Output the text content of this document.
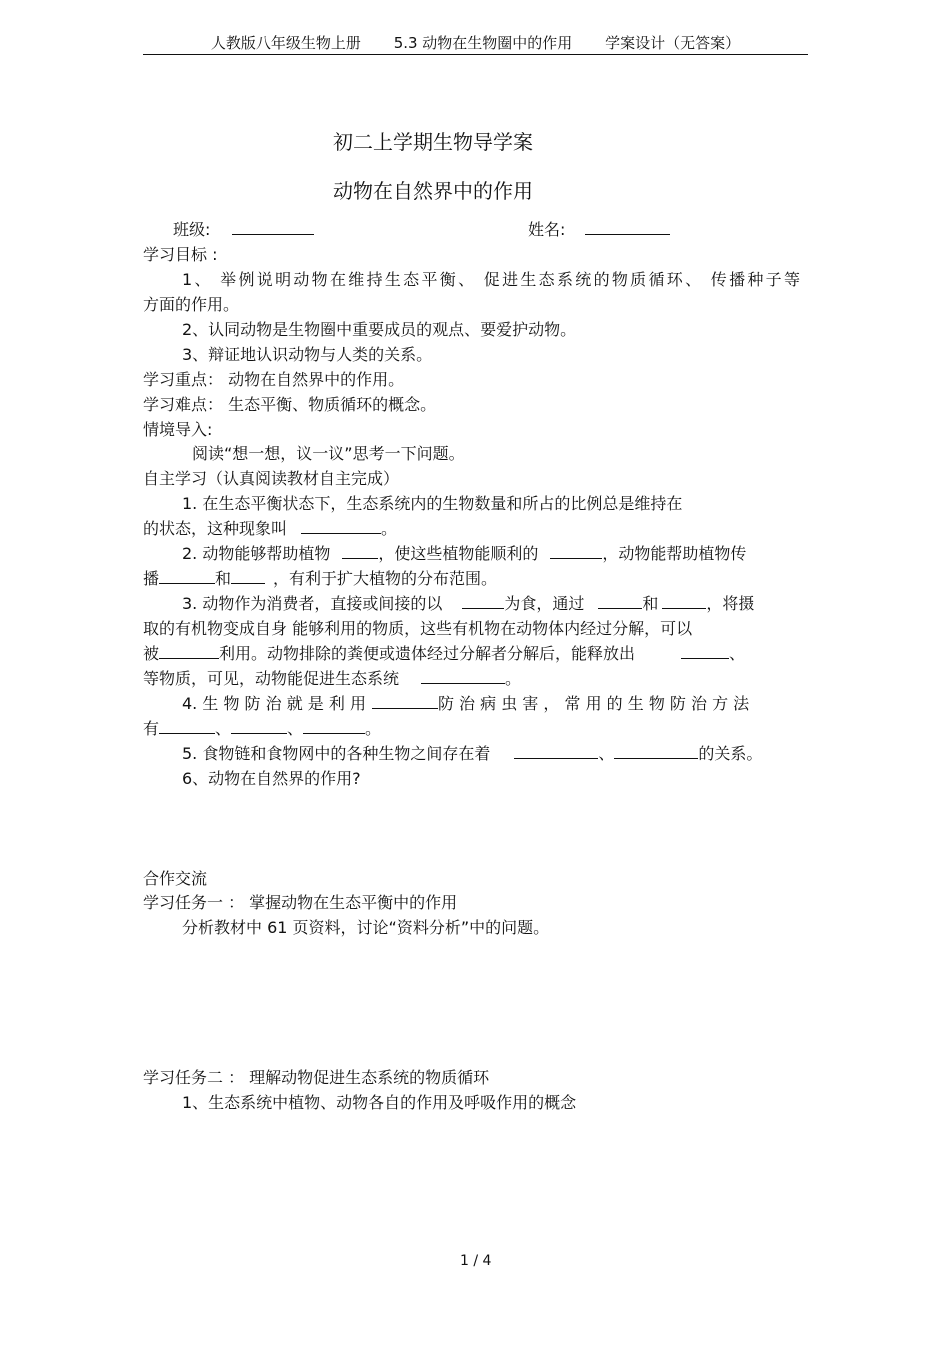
人教版八年级生物上册 5.3 动物在生物圈中的作用 学案设计（无答案）
初二上学期生物导学案
动物在自然界中的作用
班级:	姓名:
学习目标 :
1、 举例说明动物在维持生态平衡、 促进生态系统的物质循环、 传播种子等
方面的作用。
2、认同动物是生物圈中重要成员的观点、要爱护动物。
3、辩证地认识动物与人类的关系。
学习重点： 动物在自然界中的作用。
学习难点： 生态平衡、物质循环的概念。
情境导入:
阅读“想一想，议一议”思考一下问题。
自主学习（认真阅读教材自主完成）
1. 在生态平衡状态下，生态系统内的生物数量和所占的比例总是维持在
的状态，这种现象叫	。
2. 动物能够帮助植物	，使这些植物能顺利的	，动物能帮助植物传
播	和	，有利于扩大植物的分布范围。
3. 动物作为消费者，直接或间接的以	为食，通过	和	，将摄
取的有机物变成自身 能够利用的物质，这些有机物在动物体内经过分解，可以
被	利用。动物排除的粪便或遗体经过分解者分解后，能释放出	、
等物质，可见，动物能促进生态系统	。
4. 生 物 防 治 就 是 利 用	防 治 病 虫 害 ， 常 用 的 生 物 防 治 方 法
有	、	、	。
5. 食物链和食物网中的各种生物之间存在着	、	的关系。
6、动物在自然界的作用?
合作交流
学习任务一 ： 掌握动物在生态平衡中的作用
分析教材中 61 页资料，讨论“资料分析”中的问题。
学习任务二 ： 理解动物促进生态系统的物质循环
1、生态系统中植物、动物各自的作用及呼吸作用的概念
1 / 4
